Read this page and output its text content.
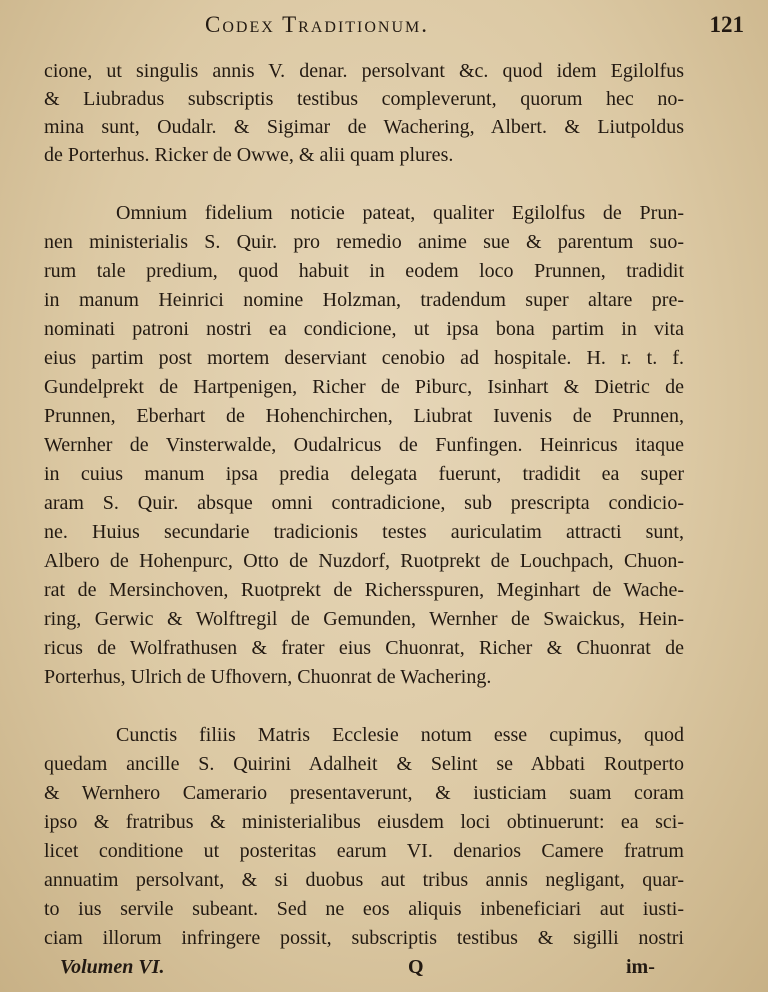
Codex Traditionum.	121
cione, ut singulis annis V. denar. persolvant &c. quod idem Egilolfus
& Liubradus subscriptis testibus compleverunt, quorum hec no-
mina sunt, Oudalr. & Sigimar de Wachering, Albert. & Liutpoldus
de Porterhus. Ricker de Owwe, & alii quam plures.
Omnium fidelium noticie pateat, qualiter Egilolfus de Prun-
nen ministerialis S. Quir. pro remedio anime sue & parentum suo-
rum tale predium, quod habuit in eodem loco Prunnen, tradidit
in manum Heinrici nomine Holzman, tradendum super altare pre-
nominati patroni nostri ea condicione, ut ipsa bona partim in vita
eius partim post mortem deserviant cenobio ad hospitale. H. r. t. f.
Gundelprekt de Hartpenigen, Richer de Piburc, Isinhart & Dietric de
Prunnen, Eberhart de Hohenchirchen, Liubrat Iuvenis de Prunnen,
Wernher de Vinsterwalde, Oudalricus de Funfingen. Heinricus itaque
in cuius manum ipsa predia delegata fuerunt, tradidit ea super
aram S. Quir. absque omni contradicione, sub prescripta condicio-
ne. Huius secundarie tradicionis testes auriculatim attracti sunt,
Albero de Hohenpurc, Otto de Nuzdorf, Ruotprekt de Louchpach, Chuon-
rat de Mersinchoven, Ruotprekt de Richersspuren, Meginhart de Wache-
ring, Gerwic & Wolftregil de Gemunden, Wernher de Swaickus, Hein-
ricus de Wolfrathusen & frater eius Chuonrat, Richer & Chuonrat de
Porterhus, Ulrich de Ufhovern, Chuonrat de Wachering.
Cunctis filiis Matris Ecclesie notum esse cupimus, quod
quedam ancille S. Quirini Adalheit & Selint se Abbati Routperto
& Wernhero Camerario presentaverunt, & iusticiam suam coram
ipso & fratribus & ministerialibus eiusdem loci obtinuerunt: ea sci-
licet conditione ut posteritas earum VI. denarios Camere fratrum
annuatim persolvant, & si duobus aut tribus annis negligant, quar-
to ius servile subeant. Sed ne eos aliquis inbeneficiari aut iusti-
ciam illorum infringere possit, subscriptis testibus & sigilli nostri
Volumen VI.	Q	im-
